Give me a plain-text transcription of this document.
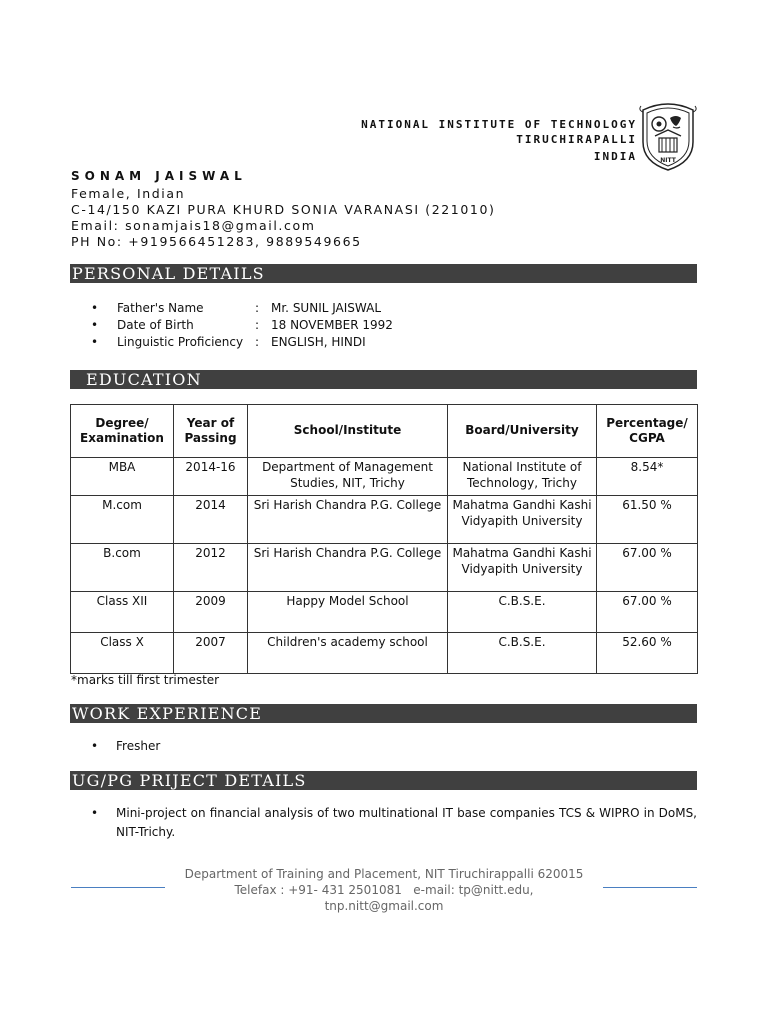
NATIONAL INSTITUTE OF TECHNOLOGY
TIRUCHIRAPALLI
INDIA	NITT
SONAM JAISWAL
Female, Indian
C-14/150 KAZI PURA KHURD SONIA VARANASI (221010)
Email: sonamjais18@gmail.com
PH No: +919566451283, 9889549665
PERSONAL DETAILS
• Father's Name	: Mr. SUNIL JAISWAL
• Date of Birth	: 18 NOVEMBER 1992
• Linguistic Proficiency : ENGLISH, HINDI
EDUCATION
Degree/ Examination	Year of Passing	School/Institute	Board/University	Percentage/ CGPA
MBA	2014-16	Department of Management Studies, NIT, Trichy	National Institute of Technology, Trichy	8.54*
M.com	2014	Sri Harish Chandra P.G. College	Mahatma Gandhi Kashi Vidyapith University	61.50 %
B.com	2012	Sri Harish Chandra P.G. College	Mahatma Gandhi Kashi Vidyapith University	67.00 %
Class XII	2009	Happy Model School	C.B.S.E.	67.00 %
Class X	2007	Children's academy school	C.B.S.E.	52.60 %
*marks till first trimester
WORK EXPERIENCE
• Fresher
UG/PG PRIJECT DETAILS
• Mini-project on financial analysis of two multinational IT base companies TCS & WIPRO in DoMS, NIT-Trichy.
Department of Training and Placement, NIT Tiruchirappalli 620015
Telefax : +91- 431 2501081   e-mail: tp@nitt.edu,
tnp.nitt@gmail.com
